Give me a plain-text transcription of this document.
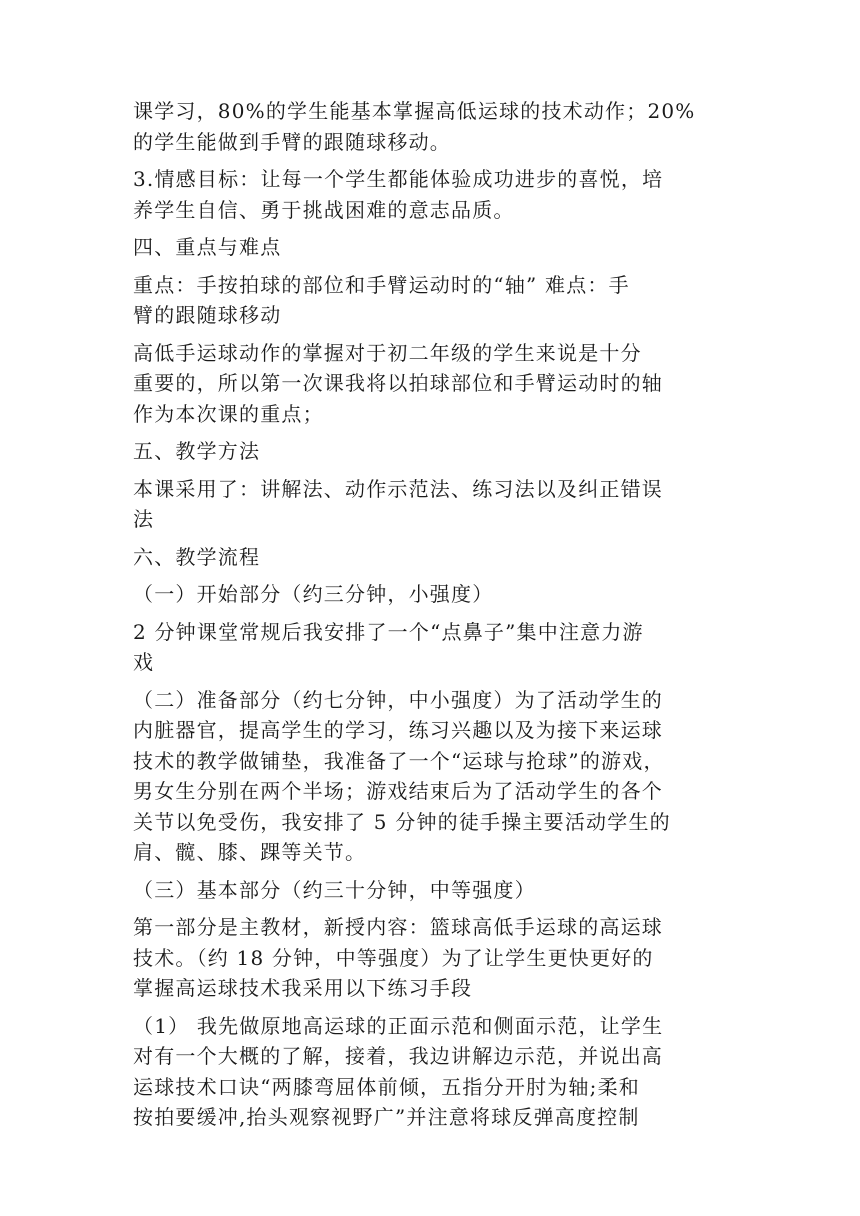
课学习，80%的学生能基本掌握高低运球的技术动作；20%
的学生能做到手臂的跟随球移动。
3.情感目标：让每一个学生都能体验成功进步的喜悦，培
养学生自信、勇于挑战困难的意志品质。
四、重点与难点
重点：手按拍球的部位和手臂运动时的“轴” 难点：手
臂的跟随球移动
高低手运球动作的掌握对于初二年级的学生来说是十分
重要的，所以第一次课我将以拍球部位和手臂运动时的轴
作为本次课的重点；
五、教学方法
本课采用了：讲解法、动作示范法、练习法以及纠正错误
法
六、教学流程
（一）开始部分（约三分钟，小强度）
2 分钟课堂常规后我安排了一个“点鼻子”集中注意力游
戏
（二）准备部分（约七分钟，中小强度）为了活动学生的
内脏器官，提高学生的学习，练习兴趣以及为接下来运球
技术的教学做铺垫，我准备了一个“运球与抢球”的游戏，
男女生分别在两个半场；游戏结束后为了活动学生的各个
关节以免受伤，我安排了 5 分钟的徒手操主要活动学生的
肩、髋、膝、踝等关节。
（三）基本部分（约三十分钟，中等强度）
第一部分是主教材，新授内容：篮球高低手运球的高运球
技术。（约 18 分钟，中等强度）为了让学生更快更好的
掌握高运球技术我采用以下练习手段
（1） 我先做原地高运球的正面示范和侧面示范，让学生
对有一个大概的了解，接着，我边讲解边示范，并说出高
运球技术口诀“两膝弯屈体前倾，五指分开肘为轴;柔和
按拍要缓冲,抬头观察视野广”并注意将球反弹高度控制
